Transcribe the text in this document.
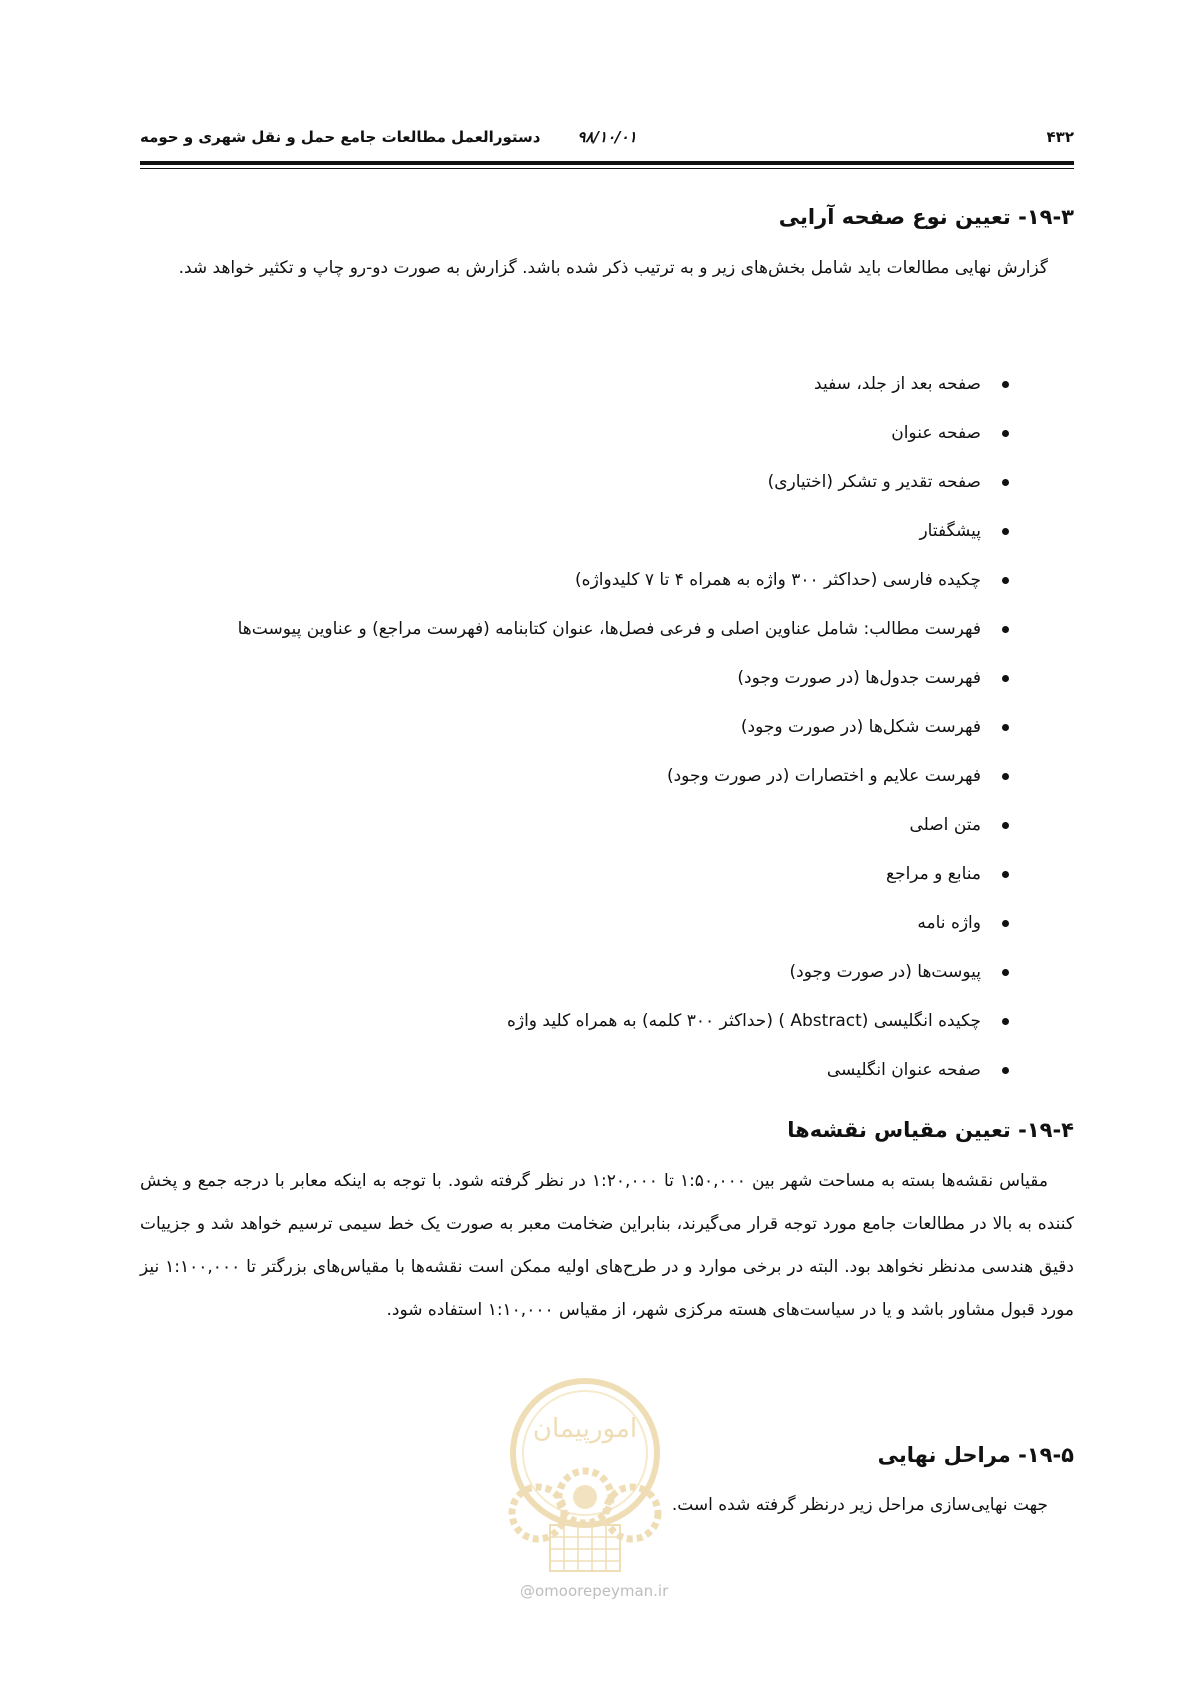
۴۳۲
۹۸/۱۰/۰۱
دستورالعمل مطالعات جامع حمل و نقل شهری و حومه
۱۹-۳- تعیین نوع صفحه آرایی
گزارش نهایی مطالعات باید شامل بخش‌های زیر و به ترتیب ذکر شده باشد. گزارش به صورت دو-رو چاپ و تکثیر خواهد شد.
صفحه بعد از جلد، سفید
صفحه عنوان
صفحه تقدیر و تشکر (اختیاری)
پیشگفتار
چکیده فارسی (حداکثر ۳۰۰ واژه به همراه ۴ تا ۷ کلیدواژه)
فهرست مطالب: شامل عناوین اصلی و فرعی فصل‌ها، عنوان کتابنامه (فهرست مراجع) و عناوین پیوست‌ها
فهرست جدول‌ها (در صورت وجود)
فهرست شکل‌ها (در صورت وجود)
فهرست علایم و اختصارات (در صورت وجود)
متن اصلی
منابع و مراجع
واژه نامه
پیوست‌ها (در صورت وجود)
چکیده انگلیسی (Abstract ) (حداکثر ۳۰۰ کلمه) به همراه کلید واژه
صفحه عنوان انگلیسی
۱۹-۴- تعیین مقیاس نقشه‌ها
مقیاس نقشه‌ها بسته به مساحت شهر بین ۱:۵۰,۰۰۰ تا ۱:۲۰,۰۰۰ در نظر گرفته شود. با توجه به اینکه معابر با درجه جمع و پخش کننده به بالا در مطالعات جامع مورد توجه قرار می‌گیرند، بنابراین ضخامت معبر به صورت یک خط سیمی ترسیم خواهد شد و جزییات دقیق هندسی مدنظر نخواهد بود. البته در برخی موارد و در طرح‌های اولیه ممکن است نقشه‌ها با مقیاس‌های بزرگتر تا ۱:۱۰۰,۰۰۰ نیز مورد قبول مشاور باشد و یا در سیاست‌های هسته مرکزی شهر، از مقیاس ۱:۱۰,۰۰۰ استفاده شود.
امورپیمان
@omoorepeyman.ir
۱۹-۵- مراحل نهایی
جهت نهایی‌سازی مراحل زیر درنظر گرفته شده است.
